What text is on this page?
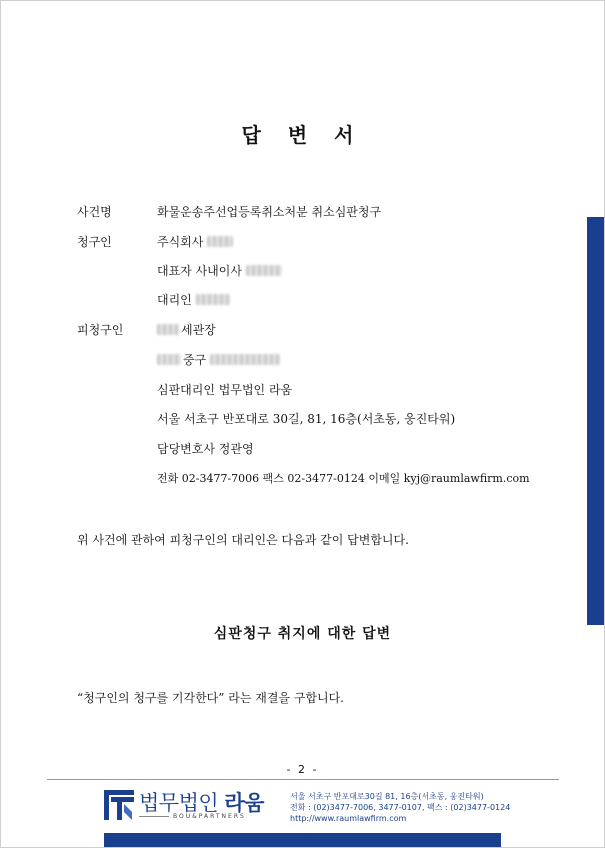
답 변 서
사건명	화물운송주선업등록취소처분 취소심판청구
청구인	주식회사
대표자 사내이사
대리인
피청구인	세관장
중구
심판대리인 법무법인 라움
서울 서초구 반포대로 30길, 81, 16층(서초동, 웅진타워)
담당변호사 정관영
전화 02-3477-7006 팩스 02-3477-0124 이메일 kyj@raumlawfirm.com
위 사건에 관하여 피청구인의 대리인은 다음과 같이 답변합니다.
심판청구 취지에 대한 답변
“청구인의 청구를 기각한다” 라는 재결을 구합니다.
- 2 -
법무법인 라움
BOU&PARTNERS
서울 서초구 반포대로30길 81, 16층(서초동, 웅진타워)
전화 : (02)3477-7006, 3477-0107, 팩스 : (02)3477-0124
http://www.raumlawfirm.com
